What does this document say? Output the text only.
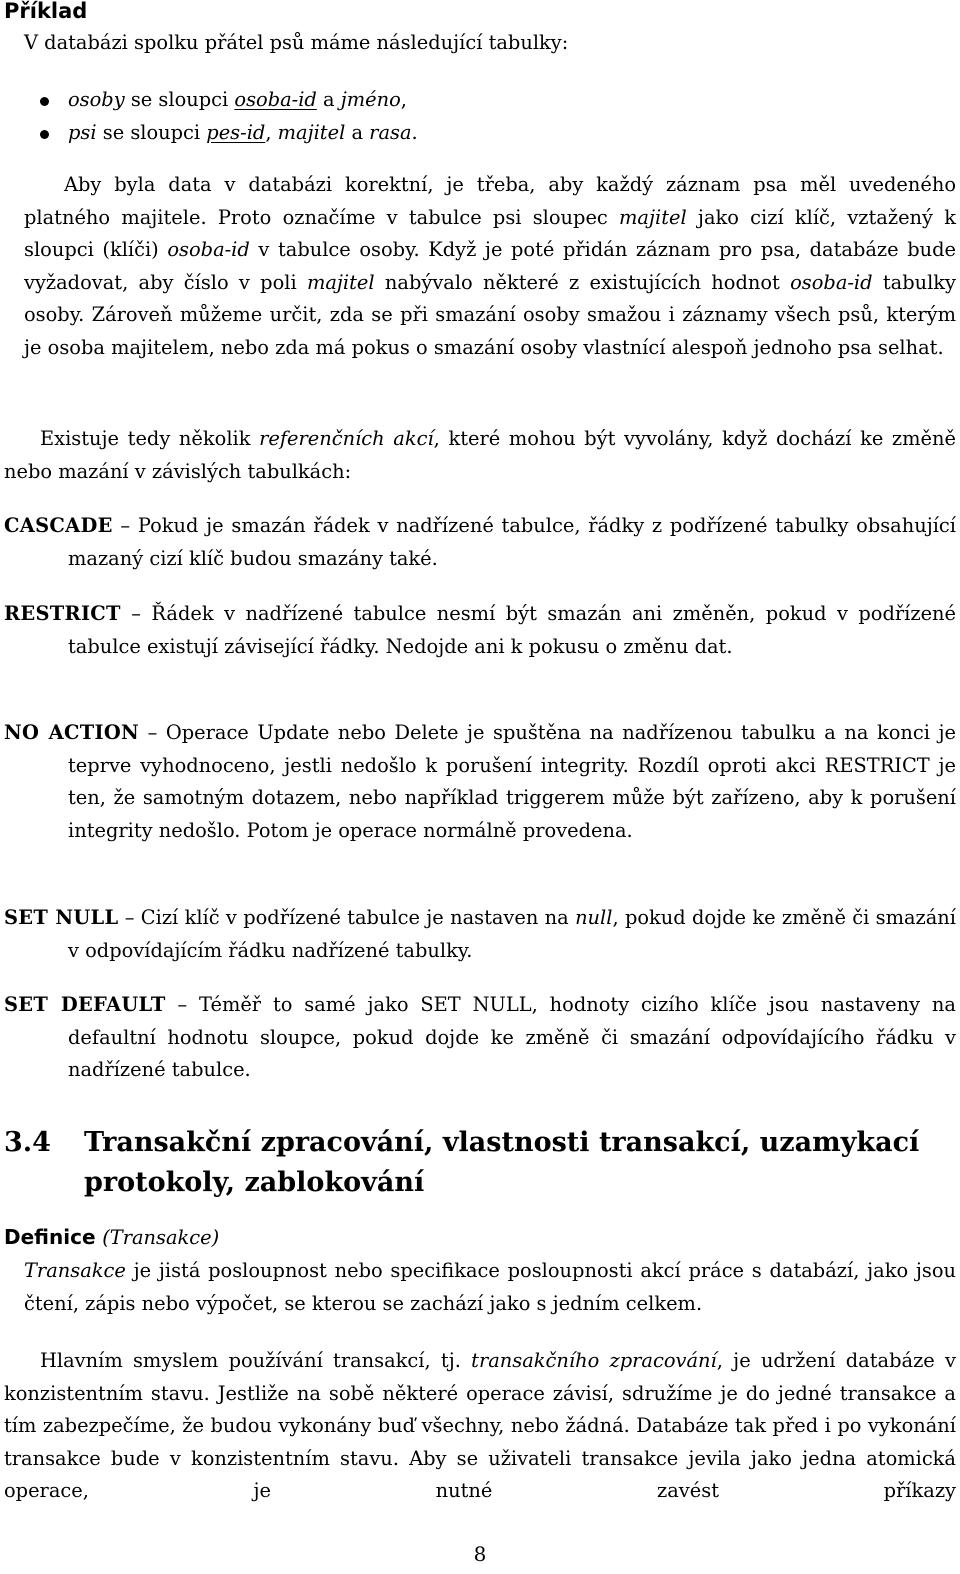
Příklad

V databázi spolku přátel psů máme následující tabulky:

osoby se sloupci osoba-id a jméno,
psi se sloupci pes-id, majitel a rasa.

Aby byla data v databázi korektní, je třeba, aby každý záznam psa měl uvedeného platného majitele. Proto označíme v tabulce psi sloupec majitel jako cizí klíč, vztažený k sloupci (klíči) osoba-id v tabulce osoby. Když je poté přidán záznam pro psa, databáze bude vyžadovat, aby číslo v poli majitel nabývalo některé z existujících hodnot osoba-id tabulky osoby. Zároveň můžeme určit, zda se při smazání osoby smažou i záznamy všech psů, kterým je osoba majitelem, nebo zda má pokus o smazání osoby vlastnící alespoň jednoho psa selhat.

Existuje tedy několik referenčních akcí, které mohou být vyvolány, když dochází ke změně nebo mazání v závislých tabulkách:

CASCADE – Pokud je smazán řádek v nadřízené tabulce, řádky z podřízené tabulky obsahující mazaný cizí klíč budou smazány také.

RESTRICT – Řádek v nadřízené tabulce nesmí být smazán ani změněn, pokud v podřízené tabulce existují závisející řádky. Nedojde ani k pokusu o změnu dat.

NO ACTION – Operace Update nebo Delete je spuštěna na nadřízenou tabulku a na konci je teprve vyhodnoceno, jestli nedošlo k porušení integrity. Rozdíl oproti akci RESTRICT je ten, že samotným dotazem, nebo například triggerem může být zařízeno, aby k porušení integrity nedošlo. Potom je operace normálně provedena.

SET NULL – Cizí klíč v podřízené tabulce je nastaven na null, pokud dojde ke změně či smazání v odpovídajícím řádku nadřízené tabulky.

SET DEFAULT – Téměř to samé jako SET NULL, hodnoty cizího klíče jsou nastaveny na defaultní hodnotu sloupce, pokud dojde ke změně či smazání odpovídajícího řádku v nadřízené tabulce.

3.4 Transakční zpracování, vlastnosti transakcí, uzamykací protokoly, zablokování
Definice (Transakce)

Transakce je jistá posloupnost nebo specifikace posloupnosti akcí práce s databází, jako jsou čtení, zápis nebo výpočet, se kterou se zachází jako s jedním celkem.

Hlavním smyslem používání transakcí, tj. transakčního zpracování, je udržení databáze v konzistentním stavu. Jestliže na sobě některé operace závisí, sdružíme je do jedné transakce a tím zabezpečíme, že budou vykonány buď všechny, nebo žádná. Databáze tak před i po vykonání transakce bude v konzistentním stavu. Aby se uživateli transakce jevila jako jedna atomická operace, je nutné zavést příkazy

8
